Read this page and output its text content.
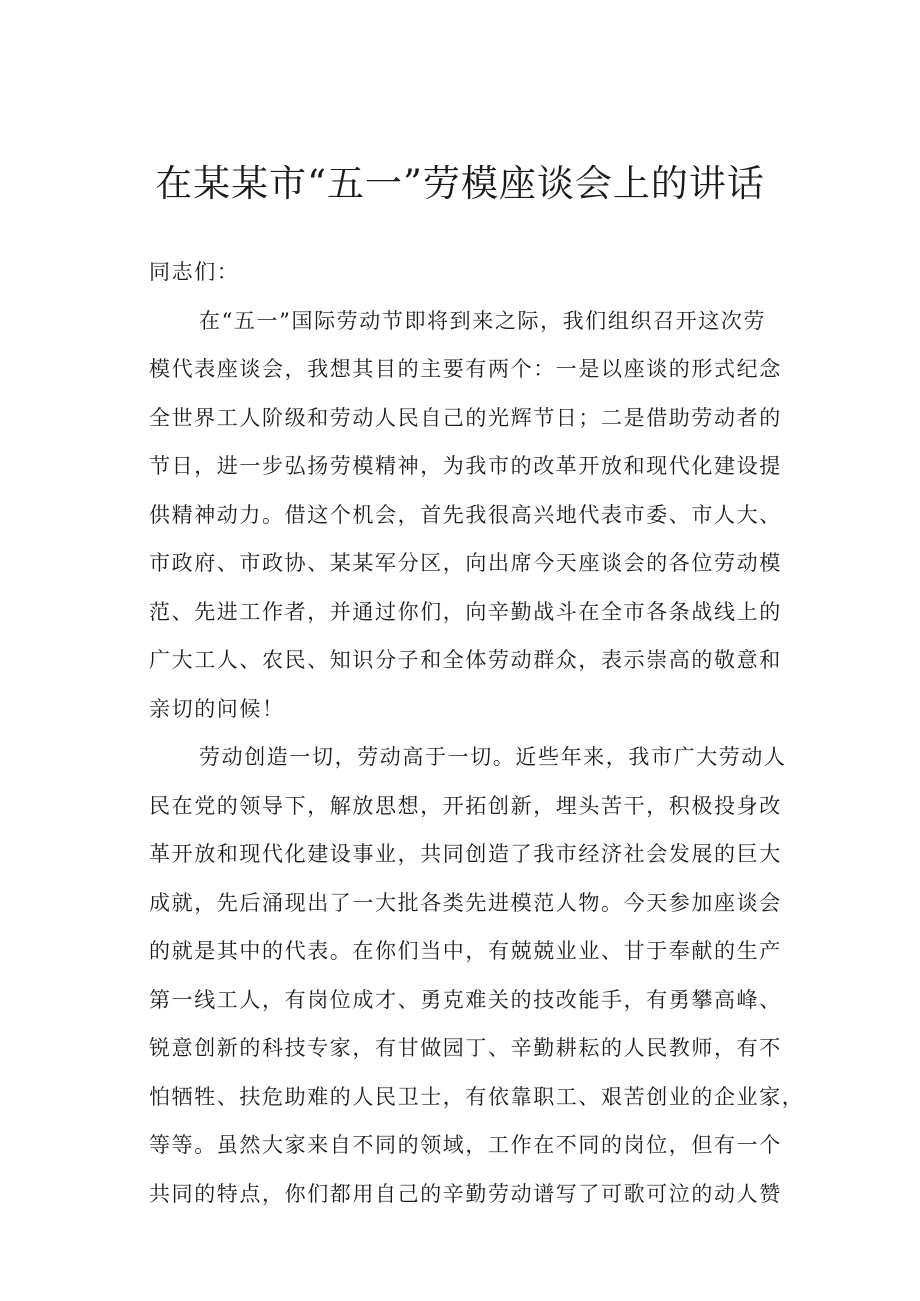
在某某市“五一”劳模座谈会上的讲话
同志们：
在“五一”国际劳动节即将到来之际，我们组织召开这次劳
模代表座谈会，我想其目的主要有两个：一是以座谈的形式纪念
全世界工人阶级和劳动人民自己的光辉节日；二是借助劳动者的
节日，进一步弘扬劳模精神，为我市的改革开放和现代化建设提
供精神动力。借这个机会，首先我很高兴地代表市委、市人大、
市政府、市政协、某某军分区，向出席今天座谈会的各位劳动模
范、先进工作者，并通过你们，向辛勤战斗在全市各条战线上的
广大工人、农民、知识分子和全体劳动群众，表示崇高的敬意和
亲切的问候！
劳动创造一切，劳动高于一切。近些年来，我市广大劳动人
民在党的领导下，解放思想，开拓创新，埋头苦干，积极投身改
革开放和现代化建设事业，共同创造了我市经济社会发展的巨大
成就，先后涌现出了一大批各类先进模范人物。今天参加座谈会
的就是其中的代表。在你们当中，有兢兢业业、甘于奉献的生产
第一线工人，有岗位成才、勇克难关的技改能手，有勇攀高峰、
锐意创新的科技专家，有甘做园丁、辛勤耕耘的人民教师，有不
怕牺牲、扶危助难的人民卫士，有依靠职工、艰苦创业的企业家，
等等。虽然大家来自不同的领域，工作在不同的岗位，但有一个
共同的特点，你们都用自己的辛勤劳动谱写了可歌可泣的动人赞
